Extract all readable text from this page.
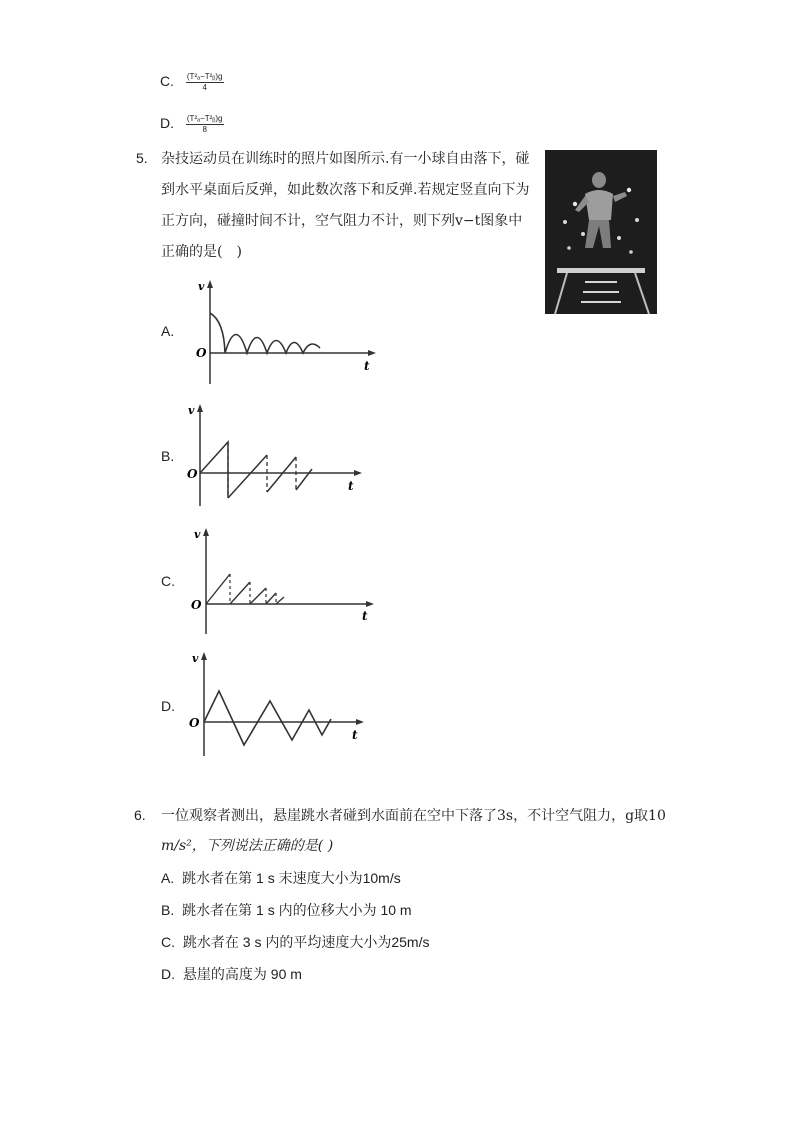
C. $\frac{\text{(T²ₐ−T²ᵦ)g}}{4}$
D. $\frac{\text{(T²ₐ−T²ᵦ)g}}{8}$
5. 杂技运动员在训练时的照片如图所示.有一小球自由落下，碰
到水平桌面后反弹，如此数次落下和反弹.若规定竖直向下为
正方向，碰撞时间不计，空气阻力不计，则下列v−t图象中
正确的是(　)
A.
v
O
t
B.
v
O
t
C.
v
O
t
D.
v
O
t
6. 一位观察者测出，悬崖跳水者碰到水面前在空中下落了3s，不计空气阻力，g取10
m/s²，下列说法正确的是( )
A. 跳水者在第 1 s 末速度大小为10m/s
B. 跳水者在第 1 s 内的位移大小为 10 m
C. 跳水者在 3 s 内的平均速度大小为25m/s
D. 悬崖的高度为 90 m
